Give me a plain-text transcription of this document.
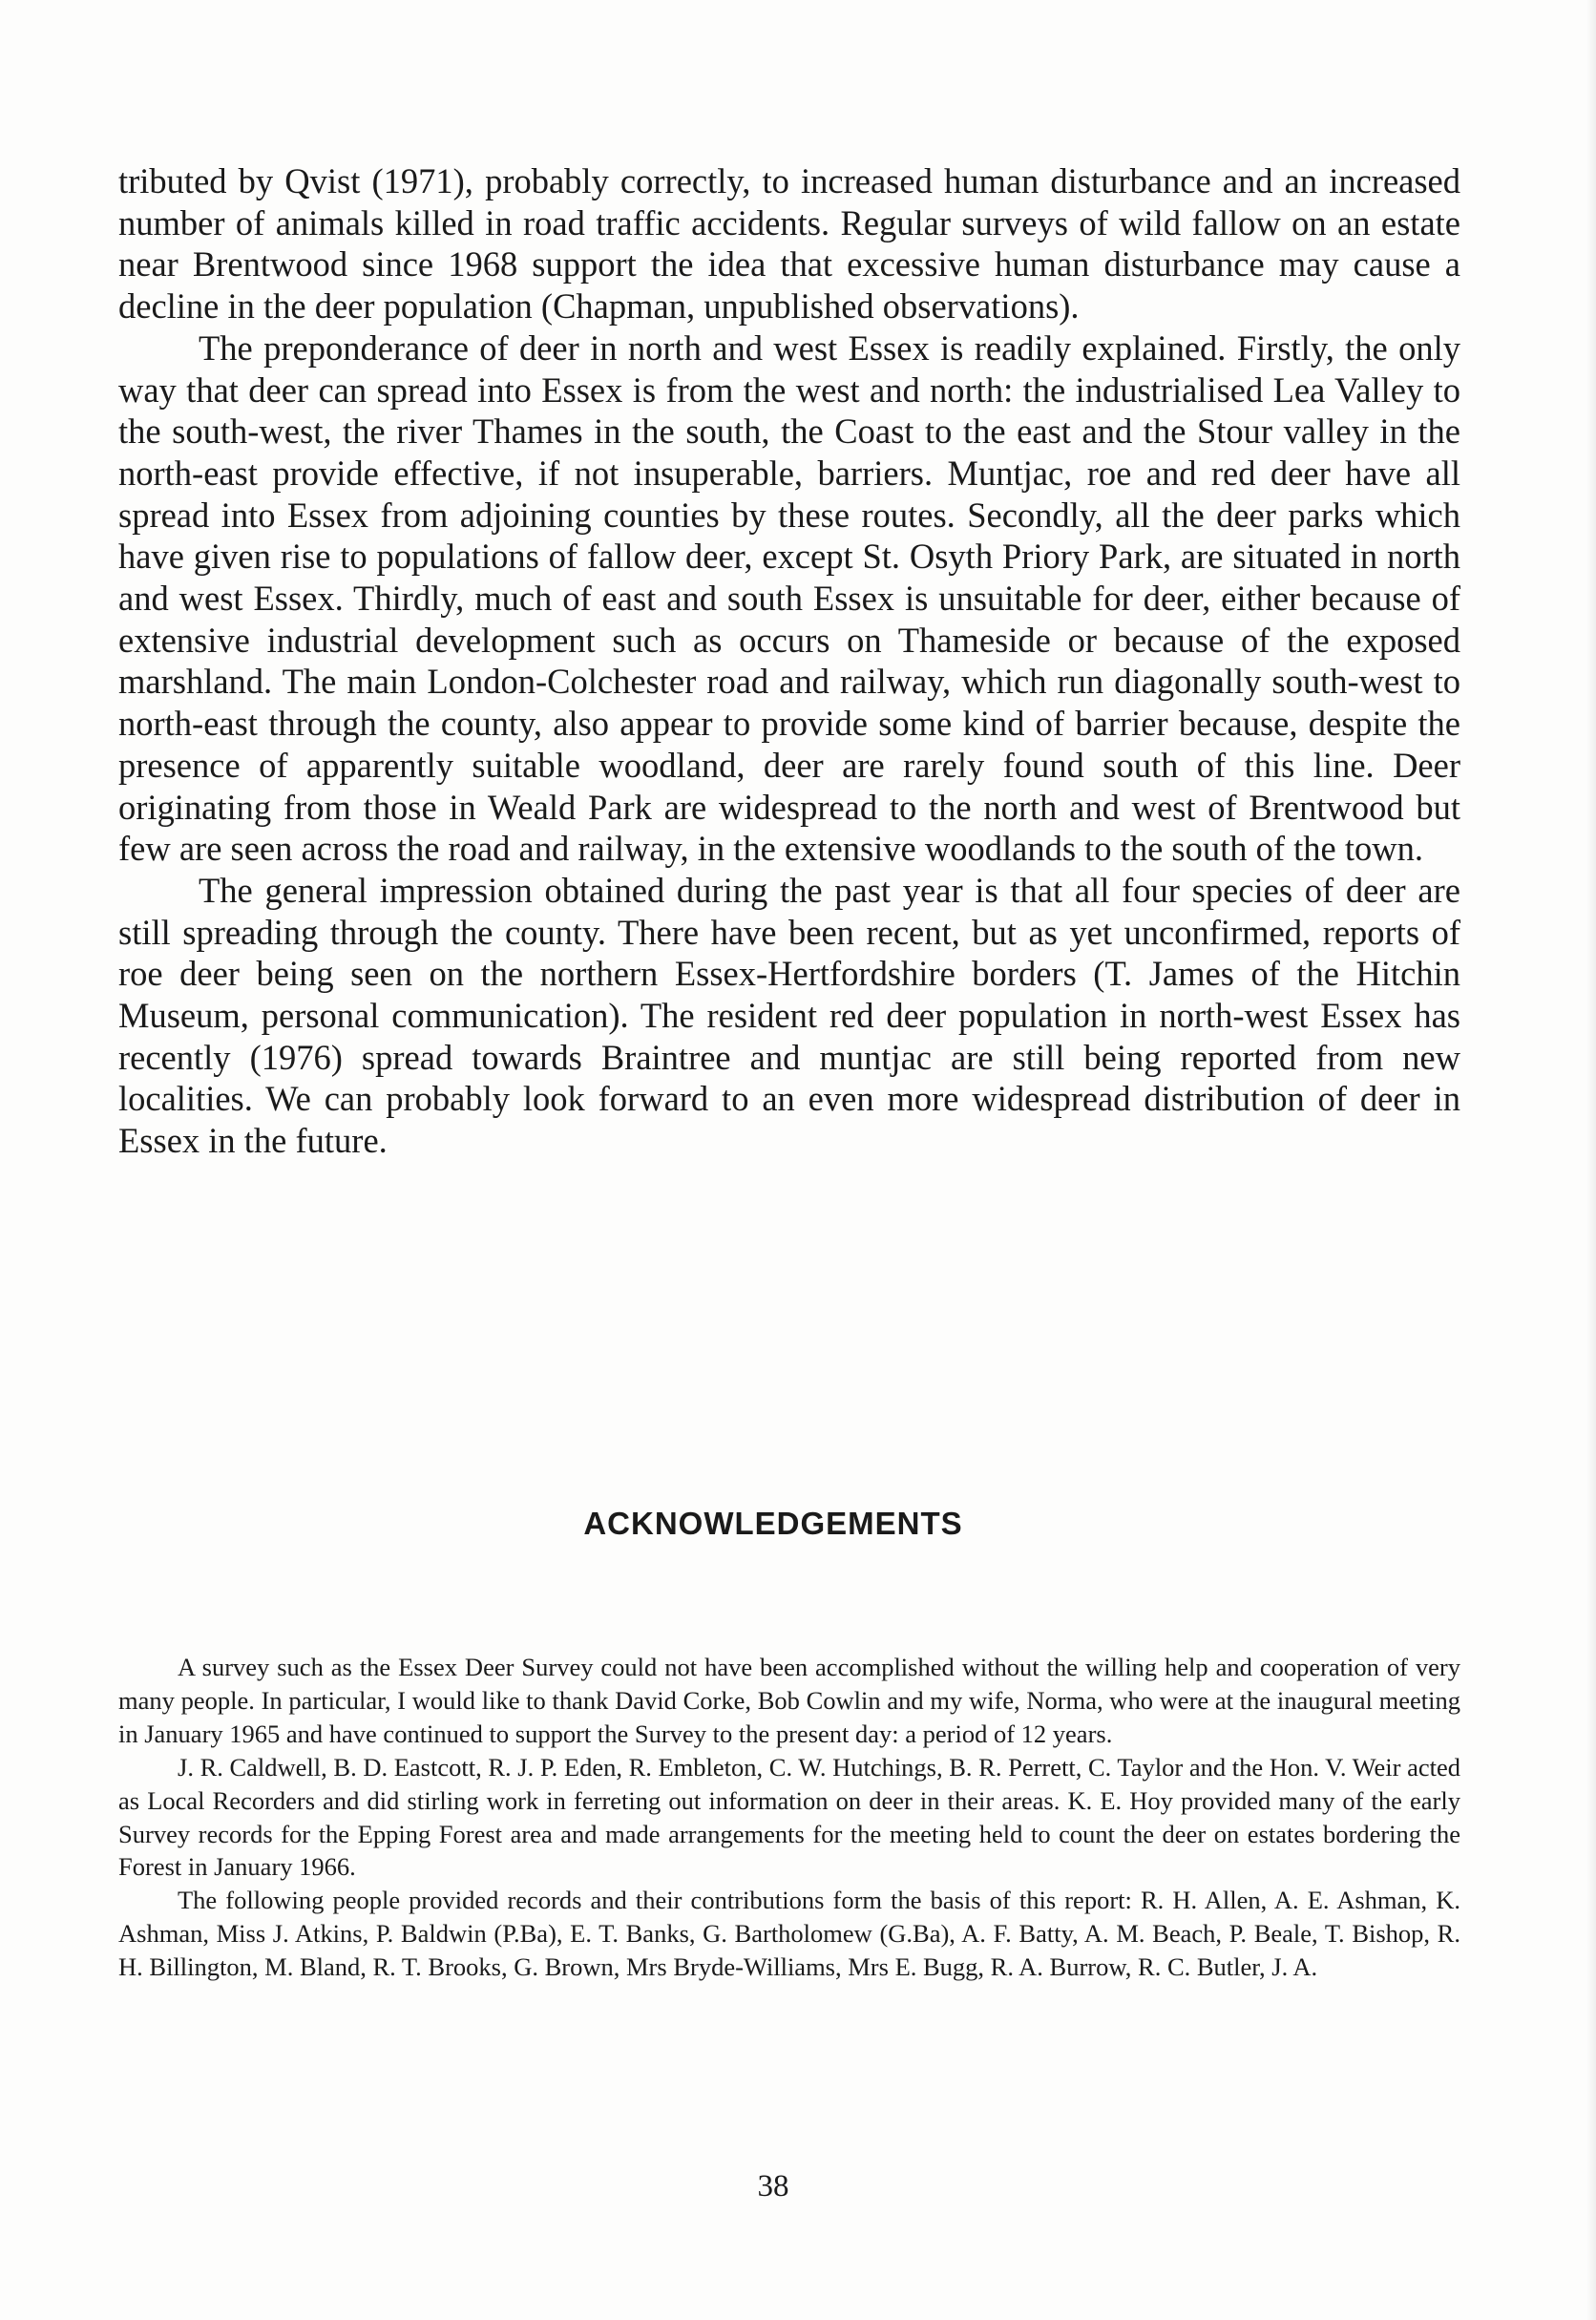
tributed by Qvist (1971), probably correctly, to increased human disturbance and an increased number of animals killed in road traffic accidents. Regular surveys of wild fallow on an estate near Brentwood since 1968 support the idea that excessive human disturbance may cause a decline in the deer population (Chapman, unpublished observations).

The preponderance of deer in north and west Essex is readily explained. Firstly, the only way that deer can spread into Essex is from the west and north: the industrialised Lea Valley to the south-west, the river Thames in the south, the Coast to the east and the Stour valley in the north-east provide effective, if not insuperable, barriers. Muntjac, roe and red deer have all spread into Essex from adjoining counties by these routes. Secondly, all the deer parks which have given rise to populations of fallow deer, except St. Osyth Priory Park, are situated in north and west Essex. Thirdly, much of east and south Essex is unsuitable for deer, either because of extensive industrial development such as occurs on Thameside or because of the exposed marshland. The main London-Colchester road and railway, which run diagonally south-west to north-east through the county, also appear to provide some kind of barrier because, despite the presence of apparently suitable woodland, deer are rarely found south of this line. Deer originating from those in Weald Park are widespread to the north and west of Brentwood but few are seen across the road and railway, in the extensive woodlands to the south of the town.

The general impression obtained during the past year is that all four species of deer are still spreading through the county. There have been recent, but as yet unconfirmed, reports of roe deer being seen on the northern Essex-Hertfordshire borders (T. James of the Hitchin Museum, personal communication). The resident red deer population in north-west Essex has recently (1976) spread towards Braintree and muntjac are still being reported from new localities. We can probably look forward to an even more widespread distribution of deer in Essex in the future.

ACKNOWLEDGEMENTS

A survey such as the Essex Deer Survey could not have been accomplished without the willing help and cooperation of very many people. In particular, I would like to thank David Corke, Bob Cowlin and my wife, Norma, who were at the inaugural meeting in January 1965 and have continued to support the Survey to the present day: a period of 12 years.

J. R. Caldwell, B. D. Eastcott, R. J. P. Eden, R. Embleton, C. W. Hutchings, B. R. Perrett, C. Taylor and the Hon. V. Weir acted as Local Recorders and did stirling work in ferreting out information on deer in their areas. K. E. Hoy provided many of the early Survey records for the Epping Forest area and made arrangements for the meeting held to count the deer on estates bordering the Forest in January 1966.

The following people provided records and their contributions form the basis of this report: R. H. Allen, A. E. Ashman, K. Ashman, Miss J. Atkins, P. Baldwin (P.Ba), E. T. Banks, G. Bartholomew (G.Ba), A. F. Batty, A. M. Beach, P. Beale, T. Bishop, R. H. Billington, M. Bland, R. T. Brooks, G. Brown, Mrs Bryde-Williams, Mrs E. Bugg, R. A. Burrow, R. C. Butler, J. A.

38
